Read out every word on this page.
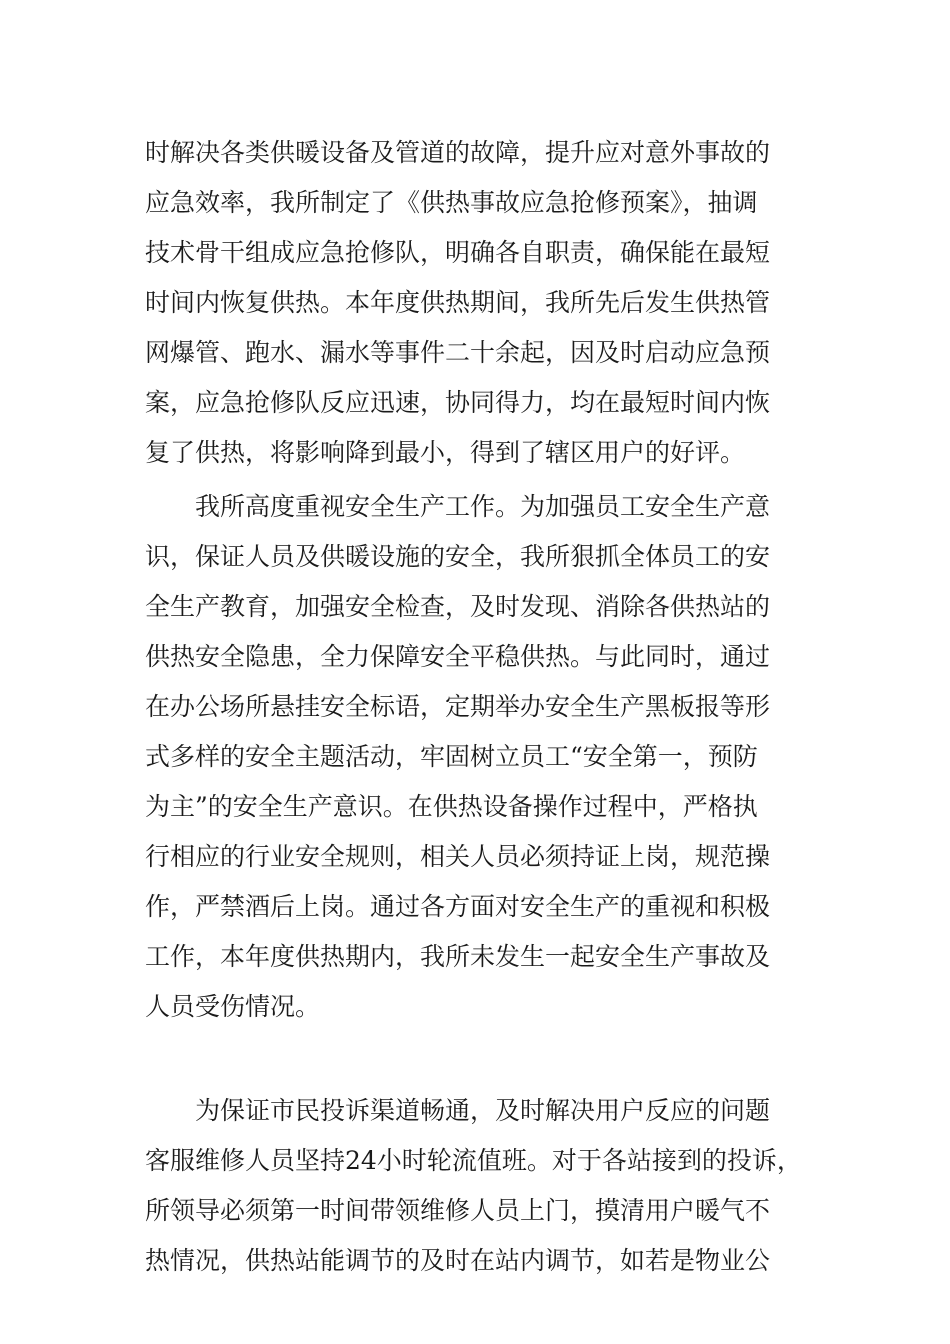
时解决各类供暖设备及管道的故障，提升应对意外事故的
应急效率，我所制定了《供热事故应急抢修预案》，抽调
技术骨干组成应急抢修队，明确各自职责，确保能在最短
时间内恢复供热。本年度供热期间，我所先后发生供热管
网爆管、跑水、漏水等事件二十余起，因及时启动应急预
案，应急抢修队反应迅速，协同得力，均在最短时间内恢
复了供热，将影响降到最小，得到了辖区用户的好评。
我所高度重视安全生产工作。为加强员工安全生产意
识，保证人员及供暖设施的安全，我所狠抓全体员工的安
全生产教育，加强安全检查，及时发现、消除各供热站的
供热安全隐患，全力保障安全平稳供热。与此同时，通过
在办公场所悬挂安全标语，定期举办安全生产黑板报等形
式多样的安全主题活动，牢固树立员工“安全第一，预防
为主”的安全生产意识。在供热设备操作过程中，严格执
行相应的行业安全规则，相关人员必须持证上岗，规范操
作，严禁酒后上岗。通过各方面对安全生产的重视和积极
工作，本年度供热期内，我所未发生一起安全生产事故及
人员受伤情况。
为保证市民投诉渠道畅通，及时解决用户反应的问题
客服维修人员坚持24小时轮流值班。对于各站接到的投诉，
所领导必须第一时间带领维修人员上门，摸清用户暖气不
热情况，供热站能调节的及时在站内调节，如若是物业公
